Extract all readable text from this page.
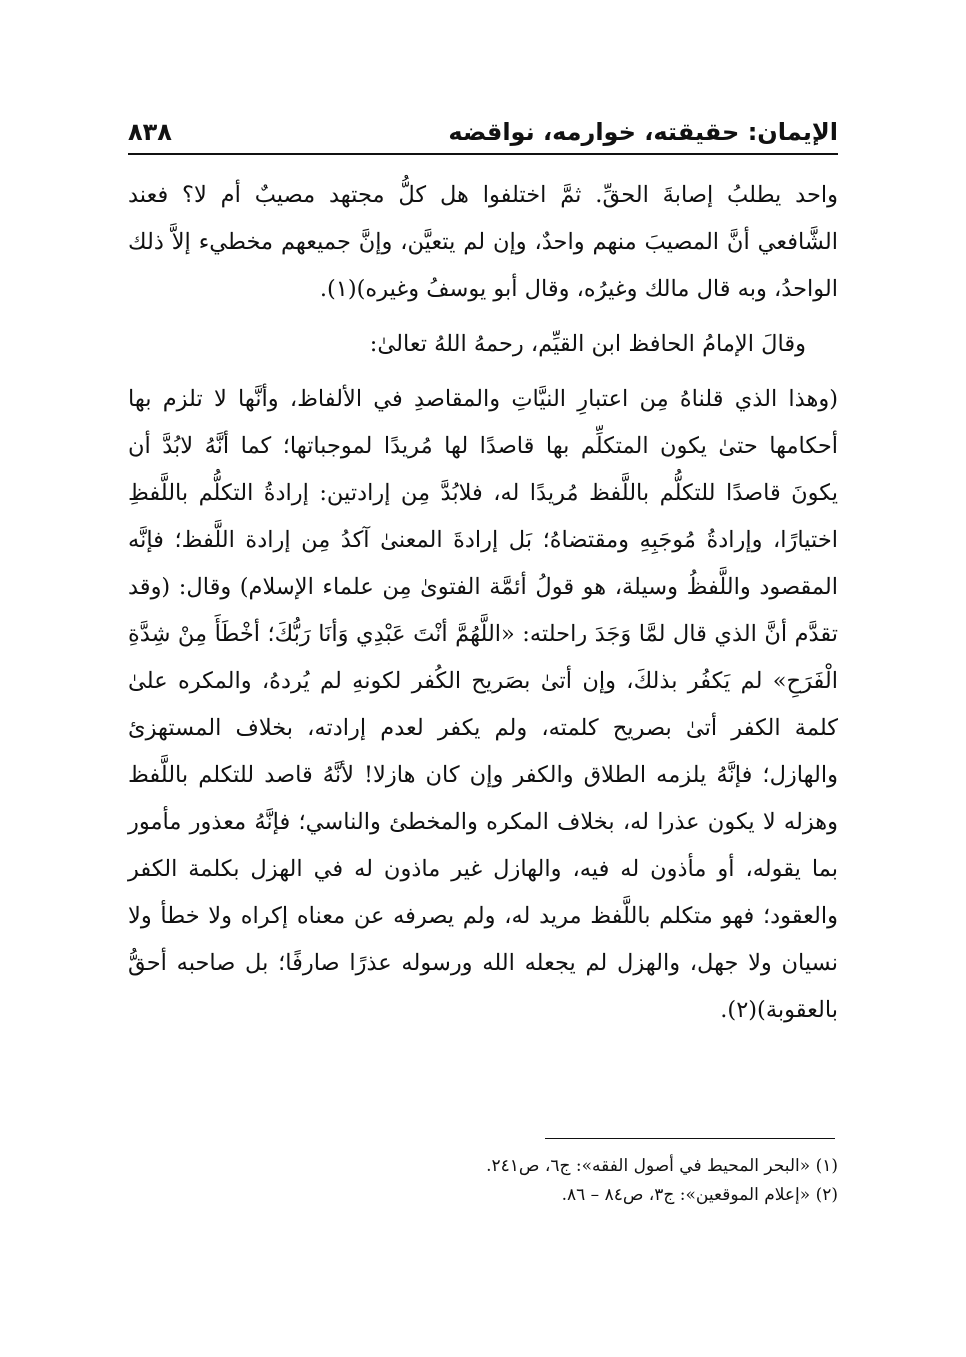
الإيمان: حقيقته، خوارمه، نواقضه
٨٣٨

واحد يطلبُ إصابةَ الحقِّ. ثمَّ اختلفوا هل كلُّ مجتهد مصيبٌ أم لا؟ فعند الشَّافعي أنَّ المصيبَ منهم واحدٌ، وإن لم يتعيَّن، وإنَّ جميعهم مخطيء إلاَّ ذلك الواحدُ، وبه قال مالك وغيرُه، وقال أبو يوسفُ وغيره)(١).

وقالَ الإمامُ الحافظ ابن القيِّم، رحمهُ اللهُ تعالىٰ:

(وهذا الذي قلناهُ مِن اعتبارِ النيَّاتِ والمقاصدِ في الألفاظ، وأنَّها لا تلزم بها أحكامها حتىٰ يكون المتكلِّم بها قاصدًا لها مُريدًا لموجباتها؛ كما أنَّهُ لابُدَّ أن يكونَ قاصدًا للتكلُّم باللَّفظ مُريدًا له، فلابُدَّ مِن إرادتين: إرادةُ التكلُّم باللَّفظِ اختيارًا، وإرادةُ مُوجَبِهِ ومقتضاهُ؛ بَل إرادةَ المعنىٰ آكدُ مِن إرادة اللَّفظ؛ فإنَّه المقصود واللَّفظُ وسيلة، هو قولُ أئمَّة الفتوىٰ مِن علماء الإسلام) وقال: (وقد تقدَّم أنَّ الذي قال لمَّا وَجَدَ راحلته: «اللَّهُمَّ أنْتَ عَبْدِي وَأنَا رَبُّكَ؛ أخْطَأَ مِنْ شِدَّةِ الْفَرَحِ» لم يَكفُر بذلكَ، وإن أتىٰ بصَريح الكُفر لكونهِ لم يُردهُ، والمكره علىٰ كلمة الكفر أتىٰ بصريح كلمته، ولم يكفر لعدم إرادته، بخلاف المستهزئ والهازل؛ فإنَّهُ يلزمه الطلاق والكفر وإن كان هازلا! لأنَّهُ قاصد للتكلم باللَّفظ وهزله لا يكون عذرا له، بخلاف المكره والمخطئ والناسي؛ فإنَّهُ معذور مأمور بما يقوله، أو مأذون له فيه، والهازل غير ماذون له في الهزل بكلمة الكفر والعقود؛ فهو متكلم باللَّفظ مريد له، ولم يصرفه عن معناه إكراه ولا خطأ ولا نسيان ولا جهل، والهزل لم يجعله الله ورسوله عذرًا صارفًا؛ بل صاحبه أحقُّ بالعقوبة)(٢).

(١) «البحر المحيط في أصول الفقه»: ج٦، ص٢٤١.

(٢) «إعلام الموقعين»: ج٣، ص٨٤ – ٨٦.
